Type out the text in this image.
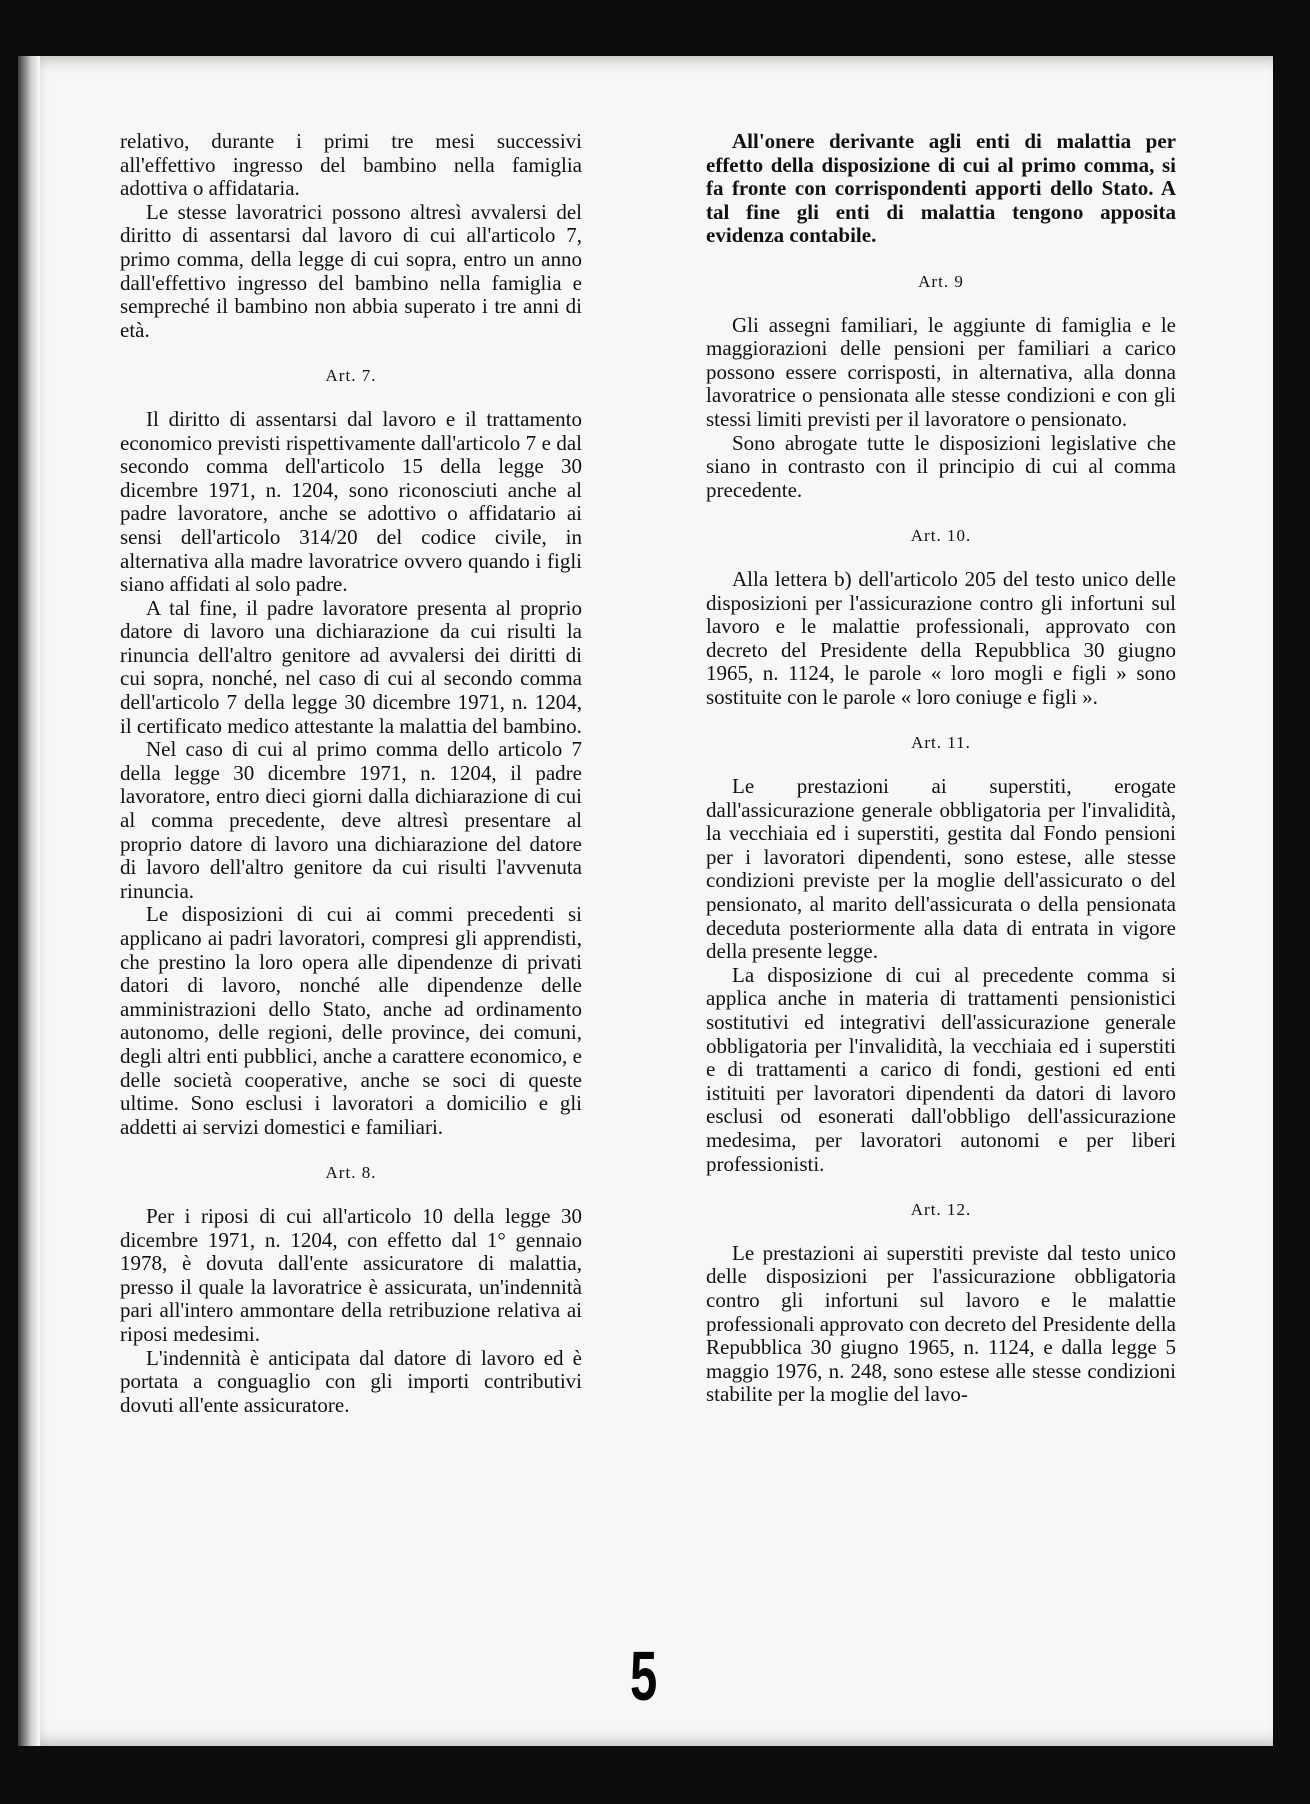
relativo, durante i primi tre mesi successivi all'effettivo ingresso del bambino nella famiglia adottiva o affidataria.

Le stesse lavoratrici possono altresì avvalersi del diritto di assentarsi dal lavoro di cui all'articolo 7, primo comma, della legge di cui sopra, entro un anno dall'effettivo ingresso del bambino nella famiglia e sempreché il bambino non abbia superato i tre anni di età.

Art. 7.

Il diritto di assentarsi dal lavoro e il trattamento economico previsti rispettivamente dall'articolo 7 e dal secondo comma dell'articolo 15 della legge 30 dicembre 1971, n. 1204, sono riconosciuti anche al padre lavoratore, anche se adottivo o affidatario ai sensi dell'articolo 314/20 del codice civile, in alternativa alla madre lavoratrice ovvero quando i figli siano affidati al solo padre.

A tal fine, il padre lavoratore presenta al proprio datore di lavoro una dichiarazione da cui risulti la rinuncia dell'altro genitore ad avvalersi dei diritti di cui sopra, nonché, nel caso di cui al secondo comma dell'articolo 7 della legge 30 dicembre 1971, n. 1204, il certificato medico attestante la malattia del bambino.

Nel caso di cui al primo comma dello articolo 7 della legge 30 dicembre 1971, n. 1204, il padre lavoratore, entro dieci giorni dalla dichiarazione di cui al comma precedente, deve altresì presentare al proprio datore di lavoro una dichiarazione del datore di lavoro dell'altro genitore da cui risulti l'avvenuta rinuncia.

Le disposizioni di cui ai commi precedenti si applicano ai padri lavoratori, compresi gli apprendisti, che prestino la loro opera alle dipendenze di privati datori di lavoro, nonché alle dipendenze delle amministrazioni dello Stato, anche ad ordinamento autonomo, delle regioni, delle province, dei comuni, degli altri enti pubblici, anche a carattere economico, e delle società cooperative, anche se soci di queste ultime. Sono esclusi i lavoratori a domicilio e gli addetti ai servizi domestici e familiari.

Art. 8.

Per i riposi di cui all'articolo 10 della legge 30 dicembre 1971, n. 1204, con effetto dal 1° gennaio 1978, è dovuta dall'ente assicuratore di malattia, presso il quale la lavoratrice è assicurata, un'indennità pari all'intero ammontare della retribuzione relativa ai riposi medesimi.

L'indennità è anticipata dal datore di lavoro ed è portata a conguaglio con gli importi contributivi dovuti all'ente assicuratore.

All'onere derivante agli enti di malattia per effetto della disposizione di cui al primo comma, si fa fronte con corrispondenti apporti dello Stato. A tal fine gli enti di malattia tengono apposita evidenza contabile.

Art. 9

Gli assegni familiari, le aggiunte di famiglia e le maggiorazioni delle pensioni per familiari a carico possono essere corrisposti, in alternativa, alla donna lavoratrice o pensionata alle stesse condizioni e con gli stessi limiti previsti per il lavoratore o pensionato.

Sono abrogate tutte le disposizioni legislative che siano in contrasto con il principio di cui al comma precedente.

Art. 10.

Alla lettera b) dell'articolo 205 del testo unico delle disposizioni per l'assicurazione contro gli infortuni sul lavoro e le malattie professionali, approvato con decreto del Presidente della Repubblica 30 giugno 1965, n. 1124, le parole « loro mogli e figli » sono sostituite con le parole « loro coniuge e figli ».

Art. 11.

Le prestazioni ai superstiti, erogate dall'assicurazione generale obbligatoria per l'invalidità, la vecchiaia ed i superstiti, gestita dal Fondo pensioni per i lavoratori dipendenti, sono estese, alle stesse condizioni previste per la moglie dell'assicurato o del pensionato, al marito dell'assicurata o della pensionata deceduta posteriormente alla data di entrata in vigore della presente legge.

La disposizione di cui al precedente comma si applica anche in materia di trattamenti pensionistici sostitutivi ed integrativi dell'assicurazione generale obbligatoria per l'invalidità, la vecchiaia ed i superstiti e di trattamenti a carico di fondi, gestioni ed enti istituiti per lavoratori dipendenti da datori di lavoro esclusi od esonerati dall'obbligo dell'assicurazione medesima, per lavoratori autonomi e per liberi professionisti.

Art. 12.

Le prestazioni ai superstiti previste dal testo unico delle disposizioni per l'assicurazione obbligatoria contro gli infortuni sul lavoro e le malattie professionali approvato con decreto del Presidente della Repubblica 30 giugno 1965, n. 1124, e dalla legge 5 maggio 1976, n. 248, sono estese alle stesse condizioni stabilite per la moglie del lavo-

5
